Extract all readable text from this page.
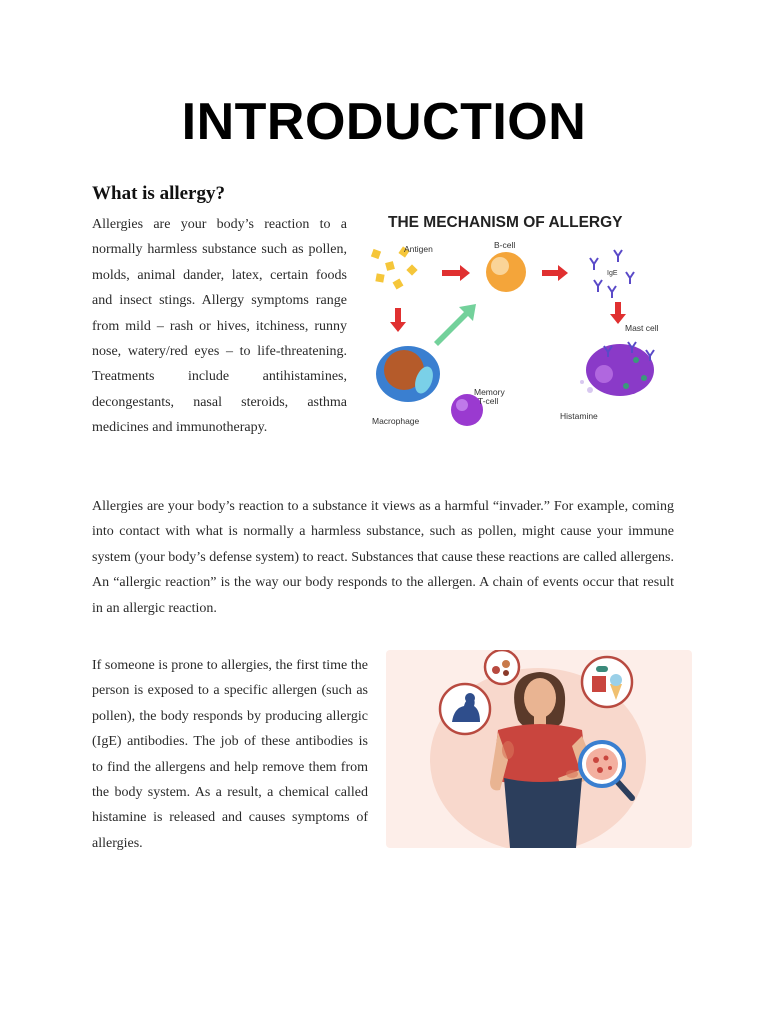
INTRODUCTION
What is allergy?

Allergies are your body’s reaction to a normally harmless substance such as pollen, molds, animal dander, latex, certain foods and insect stings. Allergy symptoms range from mild – rash or hives, itchiness, runny nose, watery/red eyes – to life-threatening. Treatments include antihistamines, decongestants, nasal steroids, asthma medicines and immunotherapy.

THE MECHANISM OF ALLERGY
Antigen	B-cell
IgE
Mast cell
Memory
T-cell
Macrophage	Histamine

Allergies are your body’s reaction to a substance it views as a harmful “invader.” For example, coming into contact with what is normally a harmless substance, such as pollen, might cause your immune system (your body’s defense system) to react. Substances that cause these reactions are called allergens. An “allergic reaction” is the way our body responds to the allergen. A chain of events occur that result in an allergic reaction.

If someone is prone to allergies, the first time the person is exposed to a specific allergen (such as pollen), the body responds by producing allergic (IgE) antibodies. The job of these antibodies is to find the allergens and help remove them from the body system. As a result, a chemical called histamine is released and causes symptoms of allergies.
